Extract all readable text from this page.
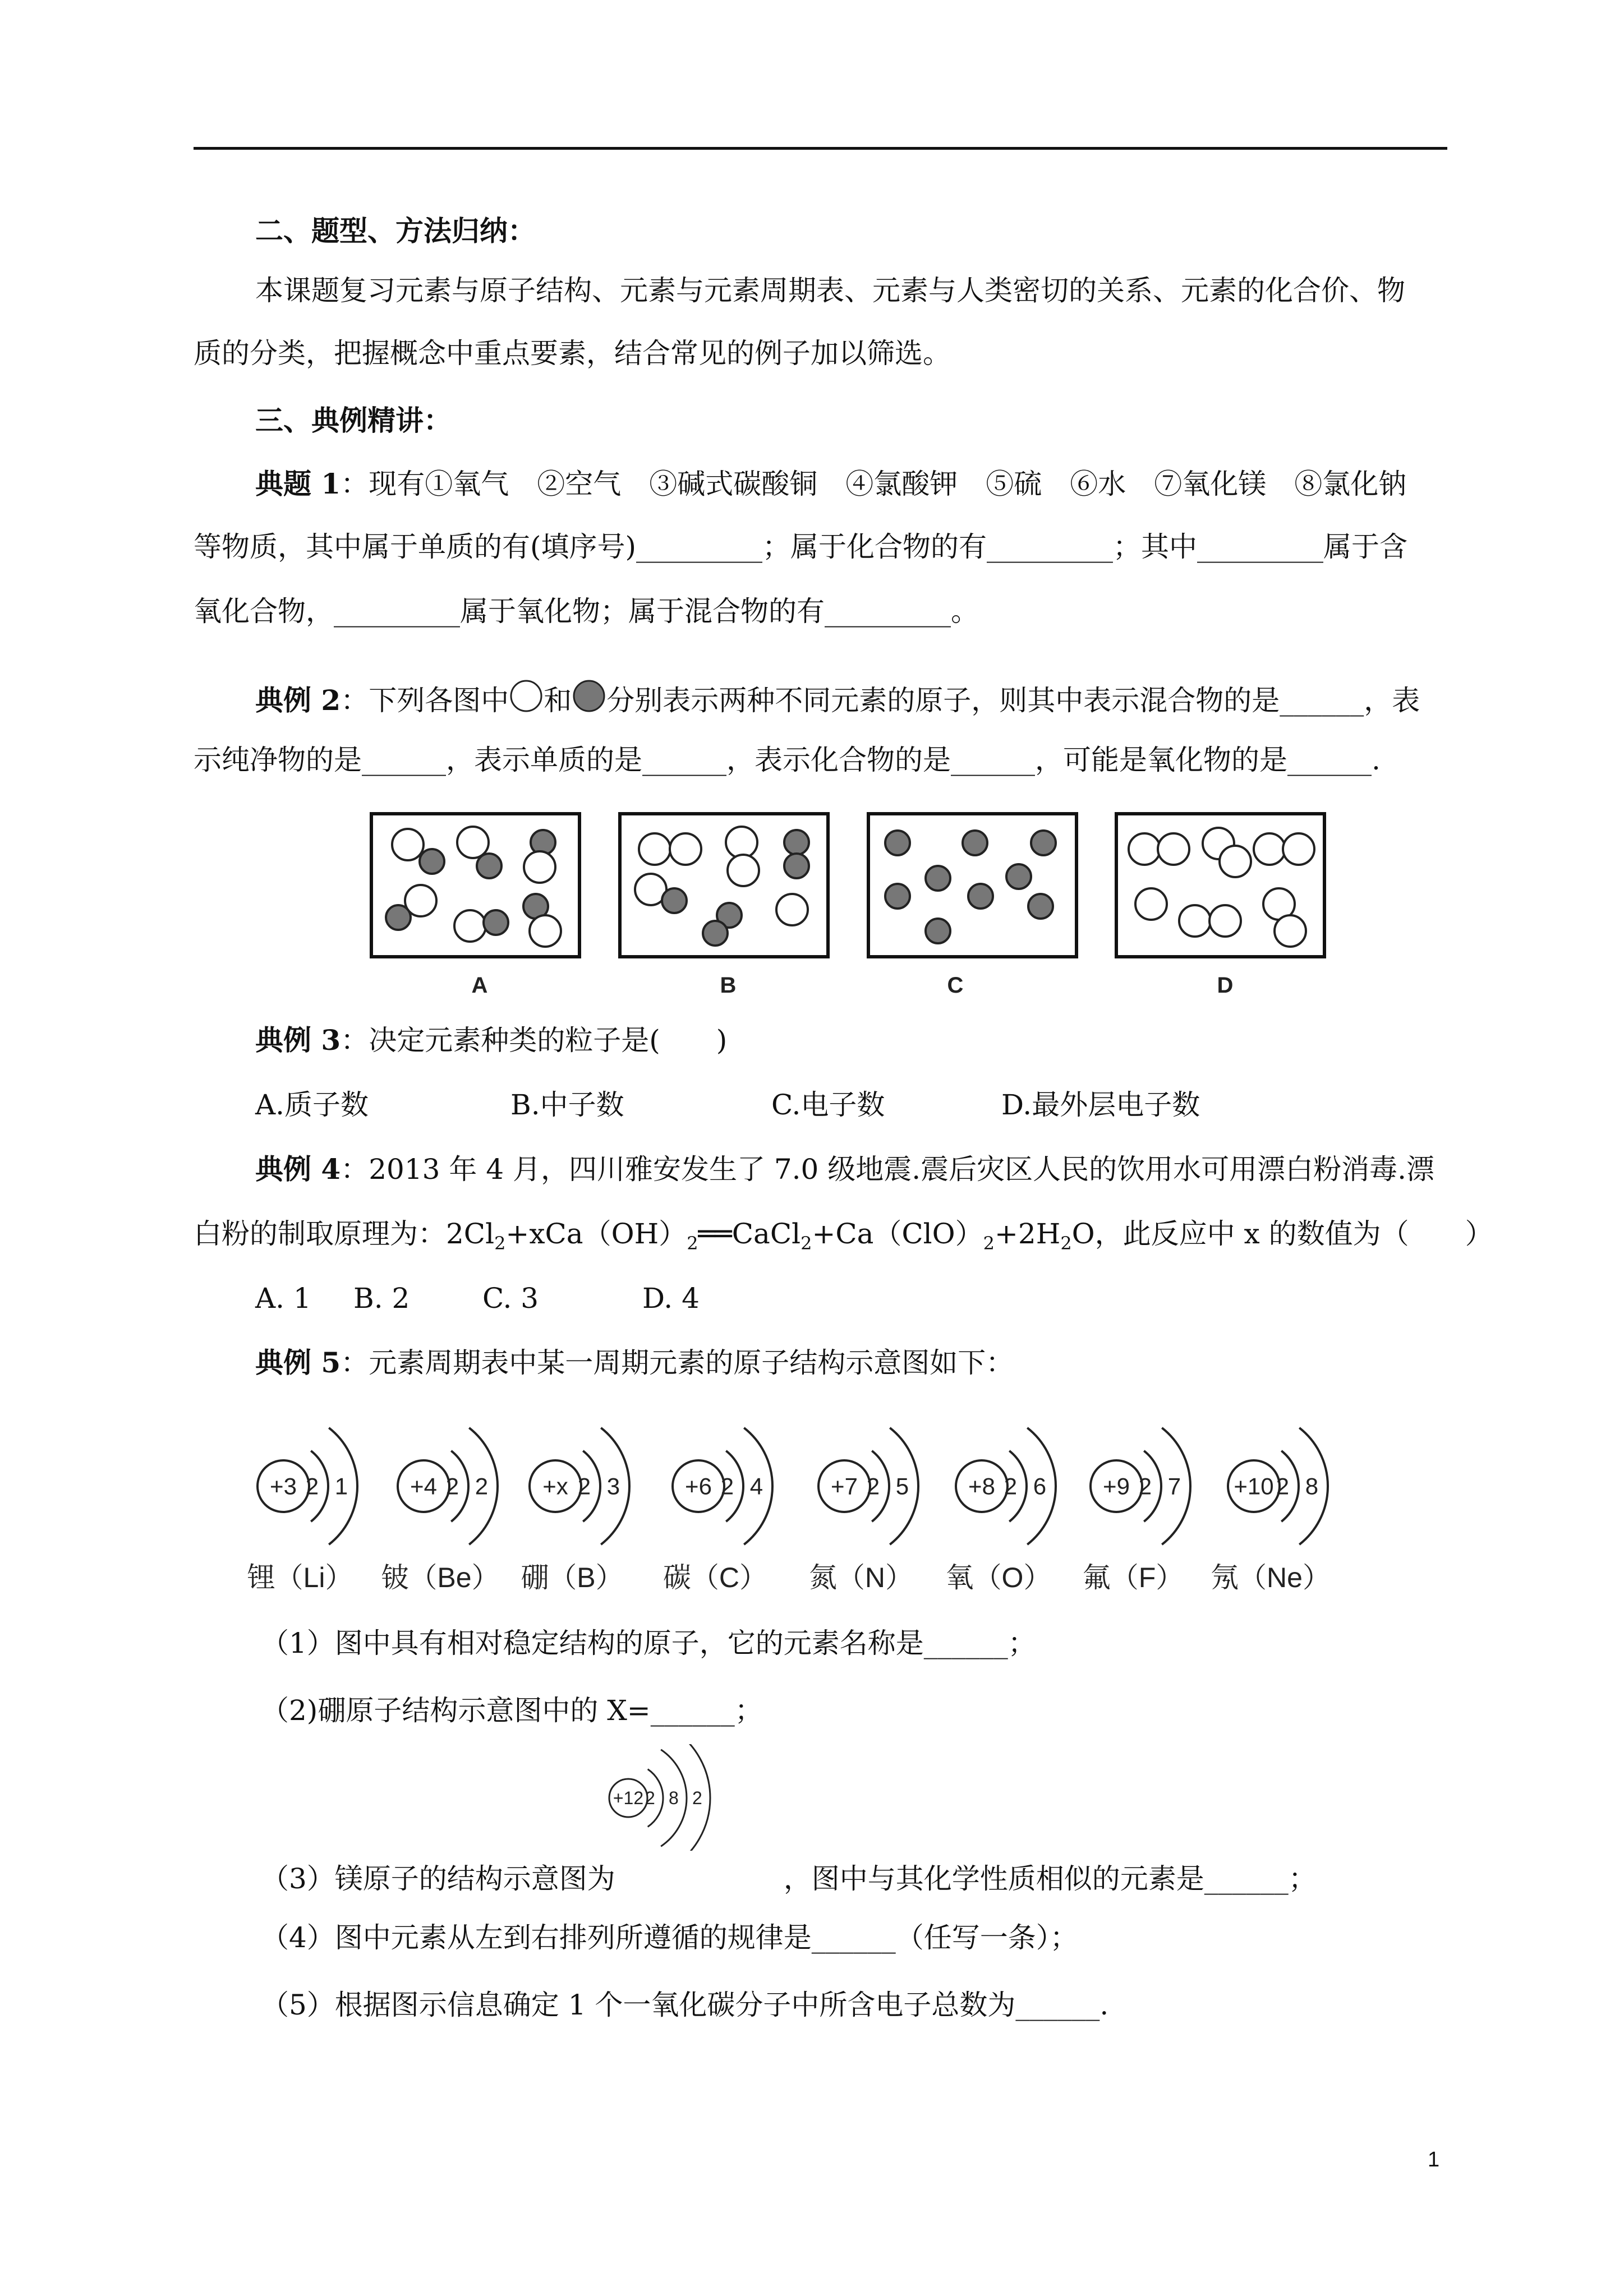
二、题型、方法归纳：
本课题复习元素与原子结构、元素与元素周期表、元素与人类密切的关系、元素的化合价、物
质的分类，把握概念中重点要素，结合常见的例子加以筛选。
三、典例精讲：
典题 1：现有①氧气　②空气　③碱式碳酸铜　④氯酸钾　⑤硫　⑥水　⑦氧化镁　⑧氯化钠
等物质，其中属于单质的有(填序号)_________；属于化合物的有_________；其中_________属于含
氧化合物，_________属于氧化物；属于混合物的有_________。
典例 2：下列各图中 和 分别表示两种不同元素的原子，则其中表示混合物的是______，表
示纯净物的是______，表示单质的是______，表示化合物的是______，可能是氧化物的是______.
A	B	C	D
典例 3：决定元素种类的粒子是(　　)
A.质子数	B.中子数	C.电子数	D.最外层电子数
典例 4：2013 年 4 月，四川雅安发生了 7.0 级地震.震后灾区人民的饮用水可用漂白粉消毒.漂
白粉的制取原理为：$2Cl_2+xCa(OH)_2══CaCl_2+Ca(ClO)_2+2H_2O$，此反应中 x 的数值为（　　）
A. 1 B. 2	C. 3	D. 4
典例 5：元素周期表中某一周期元素的原子结构示意图如下：
+3 2 1
锂（Li）
+4 2 2
铍（Be）
+x 2 3
硼（B）
+6 2 4
碳（C）
+7 2 5
氮（N）
+8 2 6
氧（O）
+9 2 7
氟（F）
+10 2 8
氖（Ne）
（1）图中具有相对稳定结构的原子，它的元素名称是______；
（2)硼原子结构示意图中的 X=______；
+12 2 8 2
（3）镁原子的结构示意图为	，图中与其化学性质相似的元素是______；
（4）图中元素从左到右排列所遵循的规律是______（任写一条）；
（5）根据图示信息确定 1 个一氧化碳分子中所含电子总数为______.
1
